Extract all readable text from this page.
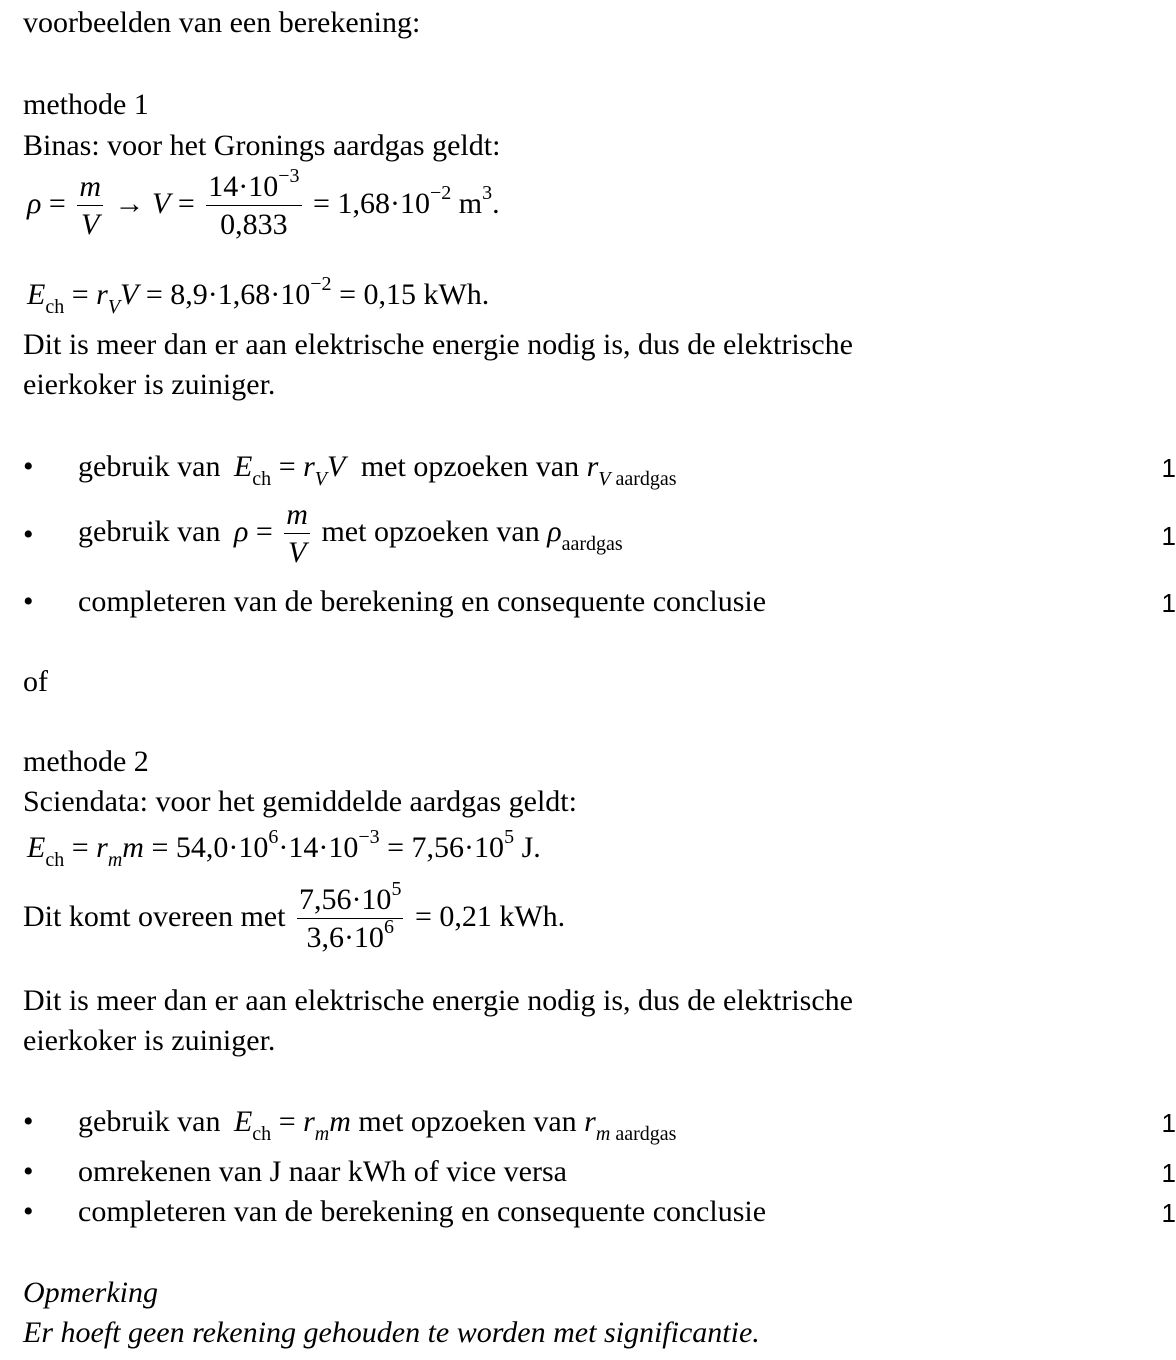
voorbeelden van een berekening:
methode 1
Binas: voor het Gronings aardgas geldt:
$\rho = \frac{m}{V} \to V = \frac{14\cdot 10^{-3}}{0,833} = 1,68\cdot 10^{-2}$ $m^3$.
$E_{ch} = r_VV = 8,9\cdot 1,68\cdot 10^{-2} = 0,15$ kWh.
Dit is meer dan er aan elektrische energie nodig is, dus de elektrische
eierkoker is zuiniger.
• gebruik van $E_{ch} = r_VV$ met opzoeken van $r_V$ $_{aardgas}$	1
• gebruik van $\rho = \frac{m}{V}$ met opzoeken van $\rho_{aardgas}$	1
• completeren van de berekening en consequente conclusie	1
of
methode 2
Sciendata: voor het gemiddelde aardgas geldt:
$E_{ch} = r_mm = 54,0\cdot 10^6\cdot 14\cdot 10^{-3} = 7,56\cdot 10^5$ J.
Dit komt overeen met $\frac{7,56\cdot 10^5}{3,6\cdot 10^6} = 0,21$ kWh.
Dit is meer dan er aan elektrische energie nodig is, dus de elektrische
eierkoker is zuiniger.
• gebruik van $E_{ch} = r_mm$ met opzoeken van $r_m$ $_{aardgas}$	1
• omrekenen van J naar kWh of vice versa	1
• completeren van de berekening en consequente conclusie	1
Opmerking
Er hoeft geen rekening gehouden te worden met significantie.
